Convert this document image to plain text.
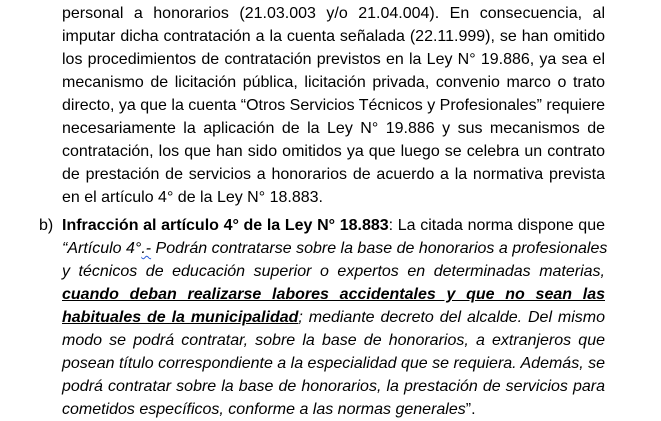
personal a honorarios (21.03.003 y/o 21.04.004). En consecuencia, al
imputar dicha contratación a la cuenta señalada (22.11.999), se han omitido
los procedimientos de contratación previstos en la Ley N° 19.886, ya sea el
mecanismo de licitación pública, licitación privada, convenio marco o trato
directo, ya que la cuenta “Otros Servicios Técnicos y Profesionales” requiere
necesariamente la aplicación de la Ley N° 19.886 y sus mecanismos de
contratación, los que han sido omitidos ya que luego se celebra un contrato
de prestación de servicios a honorarios de acuerdo a la normativa prevista
en el artículo 4° de la Ley N° 18.883.
b) Infracción al artículo 4° de la Ley N° 18.883: La citada norma dispone que
“Artículo 4°.- Podrán contratarse sobre la base de honorarios a profesionales
y técnicos de educación superior o expertos en determinadas materias,
cuando deban realizarse labores accidentales y que no sean las
habituales de la municipalidad; mediante decreto del alcalde. Del mismo
modo se podrá contratar, sobre la base de honorarios, a extranjeros que
posean título correspondiente a la especialidad que se requiera. Además, se
podrá contratar sobre la base de honorarios, la prestación de servicios para
cometidos específicos, conforme a las normas generales”.
